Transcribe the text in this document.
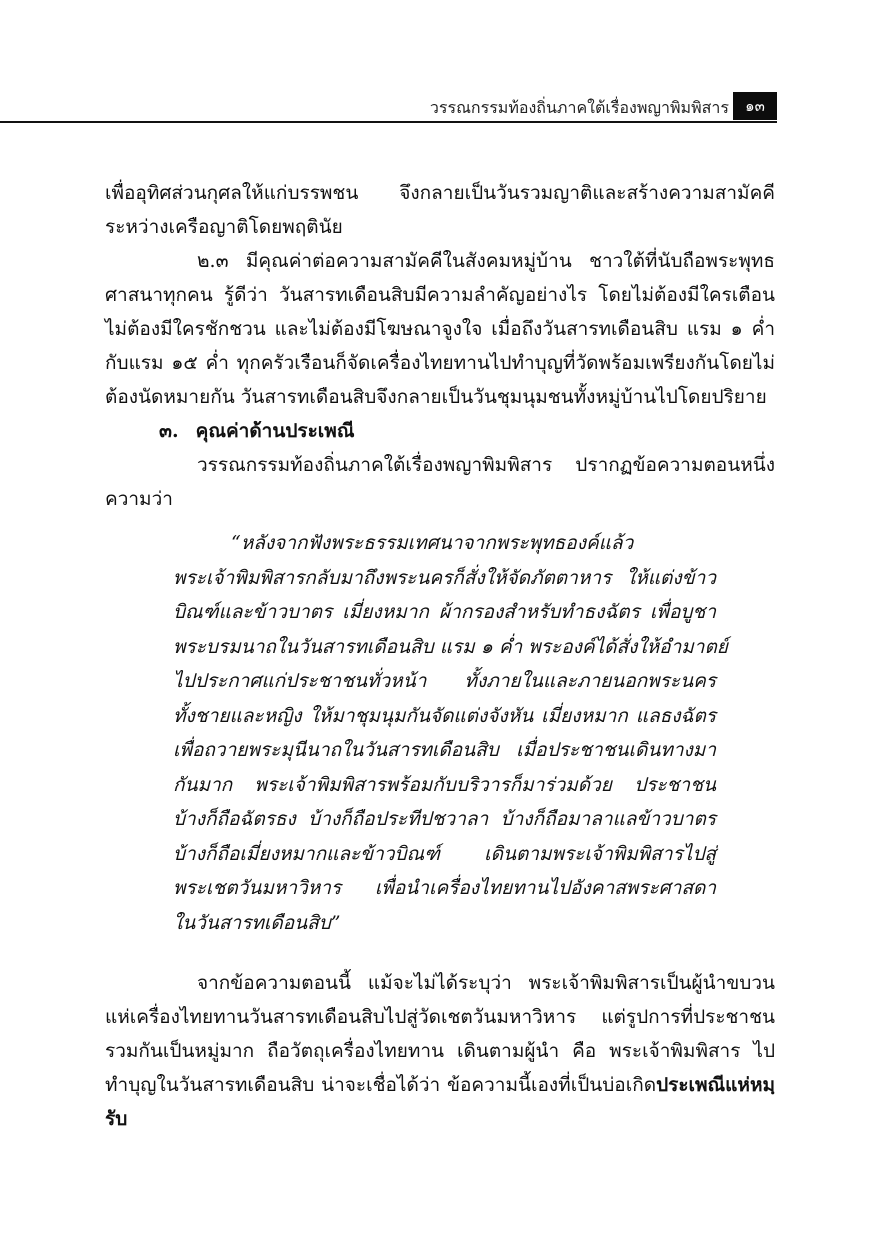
วรรณกรรมท้องถิ่นภาคใต้เรื่องพญาพิมพิสาร	๑๓

เพื่ออุทิศส่วนกุศลให้แก่บรรพชน จึงกลายเป็นวันรวมญาติและสร้างความสามัคคีระหว่างเครือญาติโดยพฤตินัย

๒.๓ มีคุณค่าต่อความสามัคคีในสังคมหมู่บ้าน ชาวใต้ที่นับถือพระพุทธศาสนาทุกคน รู้ดีว่า วันสารทเดือนสิบมีความลำคัญอย่างไร โดยไม่ต้องมีใครเตือน ไม่ต้องมีใครชักชวน และไม่ต้องมีโฆษณาจูงใจ เมื่อถึงวันสารทเดือนสิบ แรม ๑ ค่ำ กับแรม ๑๕ ค่ำ ทุกครัวเรือนก็จัดเครื่องไทยทานไปทำบุญที่วัดพร้อมเพรียงกันโดยไม่ต้องนัดหมายกัน วันสารทเดือนสิบจึงกลายเป็นวันชุมนุมชนทั้งหมู่บ้านไปโดยปริยาย

๓. คุณค่าด้านประเพณี

วรรณกรรมท้องถิ่นภาคใต้เรื่องพญาพิมพิสาร ปรากฏข้อความตอนหนึ่งความว่า

“หลังจากฟังพระธรรมเทศนาจากพระพุทธองค์แล้ว
พระเจ้าพิมพิสารกลับมาถึงพระนครก็สั่งให้จัดภัตตาหาร ให้แต่งข้าว
บิณฑ์และข้าวบาตร เมี่ยงหมาก ผ้ากรองสำหรับทำธงฉัตร เพื่อบูชา
พระบรมนาถในวันสารทเดือนสิบ แรม ๑ ค่ำ พระองค์ได้สั่งให้อำมาตย์
ไปประกาศแก่ประชาชนทั่วหน้า ทั้งภายในและภายนอกพระนคร
ทั้งชายและหญิง ให้มาชุมนุมกันจัดแต่งจังหัน เมี่ยงหมาก แลธงฉัตร
เพื่อถวายพระมุนีนาถในวันสารทเดือนสิบ เมื่อประชาชนเดินทางมา
กันมาก พระเจ้าพิมพิสารพร้อมกับบริวารก็มาร่วมด้วย ประชาชน
บ้างก็ถือฉัตรธง บ้างก็ถือประทีปชวาลา บ้างก็ถือมาลาแลข้าวบาตร
บ้างก็ถือเมี่ยงหมากและข้าวบิณฑ์ เดินตามพระเจ้าพิมพิสารไปสู่
พระเชตวันมหาวิหาร เพื่อนำเครื่องไทยทานไปอังคาสพระศาสดา
ในวันสารทเดือนสิบ”

จากข้อความตอนนี้ แม้จะไม่ได้ระบุว่า พระเจ้าพิมพิสารเป็นผู้นำขบวนแห่เครื่องไทยทานวันสารทเดือนสิบไปสู่วัดเชตวันมหาวิหาร แต่รูปการที่ประชาชนรวมกันเป็นหมู่มาก ถือวัตถุเครื่องไทยทาน เดินตามผู้นำ คือ พระเจ้าพิมพิสาร ไปทำบุญในวันสารทเดือนสิบ น่าจะเชื่อได้ว่า ข้อความนี้เองที่เป็นบ่อเกิดประเพณีแห่หมฺรับ
